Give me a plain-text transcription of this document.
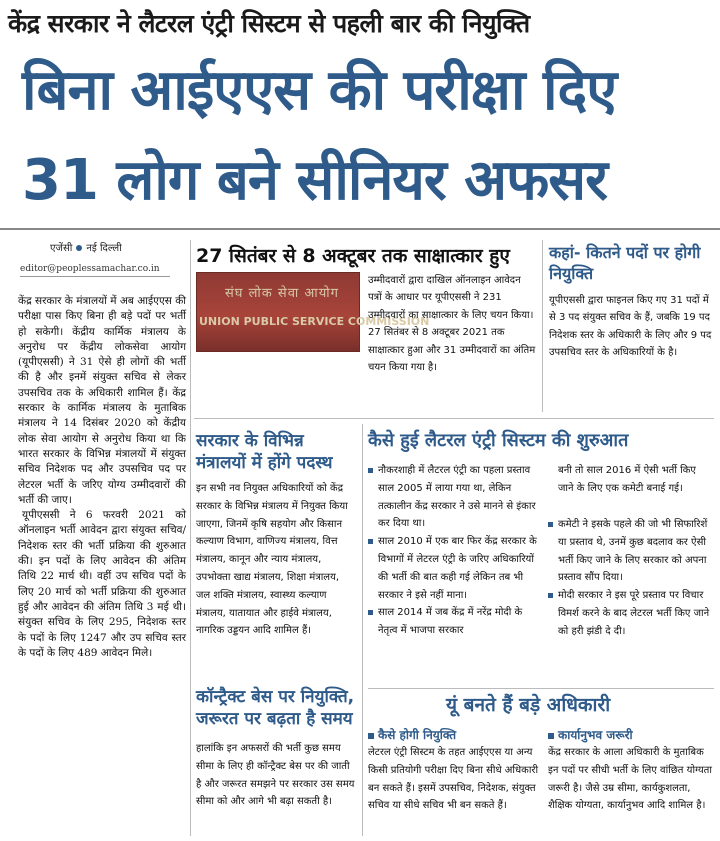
केंद्र सरकार ने लैटरल एंट्री सिस्टम से पहली बार की नियुक्ति
बिना आईएएस की परीक्षा दिए
31 लोग बने सीनियर अफसर
एजेंसी नई दिल्ली
editor@peoplessamachar.co.in

केंद्र सरकार के मंत्रालयों में अब आईएएस की परीक्षा पास किए बिना ही बड़े पदों पर भर्ती हो सकेगी। केंद्रीय कार्मिक मंत्रालय के अनुरोध पर केंद्रीय लोकसेवा आयोग (यूपीएससी) ने 31 ऐसे ही लोगों की भर्ती की है और इनमें संयुक्त सचिव से लेकर उपसचिव तक के अधिकारी शामिल हैं। केंद्र सरकार के कार्मिक मंत्रालय के मुताबिक मंत्रालय ने 14 दिसंबर 2020 को केंद्रीय लोक सेवा आयोग से अनुरोध किया था कि भारत सरकार के विभिन्न मंत्रालयों में संयुक्त सचिव निदेशक पद और उपसचिव पद पर लेटरल भर्ती के जरिए योग्य उम्मीदवारों की भर्ती की जाए।

यूपीएससी ने 6 फरवरी 2021 को ऑनलाइन भर्ती आवेदन द्वारा संयुक्त सचिव/निदेशक स्तर की भर्ती प्रक्रिया की शुरुआत की। इन पदों के लिए आवेदन की अंतिम तिथि 22 मार्च थी। वहीं उप सचिव पदों के लिए 20 मार्च को भर्ती प्रक्रिया की शुरुआत हुई और आवेदन की अंतिम तिथि 3 मई थी। संयुक्त सचिव के लिए 295, निदेशक स्तर के पदों के लिए 1247 और उप सचिव स्तर के पदों के लिए 489 आवेदन मिले।

27 सितंबर से 8 अक्टूबर तक साक्षात्कार हुए
संघ लोक सेवा आयोग
UNION PUBLIC SERVICE COMMISSION
उम्मीदवारों द्वारा दाखिल ऑनलाइन आवेदन पत्रों के आधार पर यूपीएससी ने 231 उम्मीदवारों का साक्षात्कार के लिए चयन किया। 27 सितंबर से 8 अक्टूबर 2021 तक साक्षात्कार हुआ और 31 उम्मीदवारों का अंतिम चयन किया गया है।
कहां- कितने पदों पर होगी नियुक्ति
यूपीएससी द्वारा फाइनल किए गए 31 पदों में से 3 पद संयुक्त सचिव के हैं, जबकि 19 पद निदेशक स्तर के अधिकारी के लिए और 9 पद उपसचिव स्तर के अधिकारियों के है।
सरकार के विभिन्न मंत्रालयों में होंगे पदस्थ
इन सभी नव नियुक्त अधिकारियों को केंद्र सरकार के विभिन्न मंत्रालय में नियुक्त किया जाएगा, जिनमें कृषि सहयोग और किसान कल्याण विभाग, वाणिज्य मंत्रालय, वित्त मंत्रालय, कानून और न्याय मंत्रालय, उपभोक्ता खाद्य मंत्रालय, शिक्षा मंत्रालय, जल शक्ति मंत्रालय, स्वास्थ्य कल्याण मंत्रालय, यातायात और हाईवे मंत्रालय, नागरिक उड्डयन आदि शामिल हैं।
कॉन्ट्रैक्ट बेस पर नियुक्ति, जरूरत पर बढ़ता है समय
हालांकि इन अफसरों की भर्ती कुछ समय सीमा के लिए ही कॉन्ट्रैक्ट बेस पर की जाती है और जरूरत समझने पर सरकार उस समय सीमा को और आगे भी बढ़ा सकती है।
कैसे हुई लैटरल एंट्री सिस्टम की शुरुआत
नौकरशाही में लैटरल एंट्री का पहला प्रस्ताव साल 2005 में लाया गया था, लेकिन तत्कालीन केंद्र सरकार ने उसे मानने से इंकार कर दिया था।
साल 2010 में एक बार फिर केंद्र सरकार के विभागों में लेटरल एंट्री के जरिए अधिकारियों की भर्ती की बात कही गई लेकिन तब भी सरकार ने इसे नहीं माना।
साल 2014 में जब केंद्र में नरेंद्र मोदी के नेतृत्व में भाजपा सरकार
बनी तो साल 2016 में ऐसी भर्ती किए जाने के लिए एक कमेटी बनाई गई।
कमेटी ने इसके पहले की जो भी सिफारिशें या प्रस्ताव थे, उनमें कुछ बदलाव कर ऐसी भर्ती किए जाने के लिए सरकार को अपना प्रस्ताव सौंप दिया।
मोदी सरकार ने इस पूरे प्रस्ताव पर विचार विमर्श करने के बाद लेटरल भर्ती किए जाने को हरी झंडी दे दी।
यूं बनते हैं बड़े अधिकारी
कैसे होगी नियुक्ति
लेटरल एंट्री सिस्टम के तहत आईएएस या अन्य किसी प्रतियोगी परीक्षा दिए बिना सीधे अधिकारी बन सकते हैं। इसमें उपसचिव, निदेशक, संयुक्त सचिव या सीधे सचिव भी बन सकते हैं।
कार्यानुभव जरूरी
केंद्र सरकार के आला अधिकारी के मुताबिक इन पदों पर सीधी भर्ती के लिए वांछित योग्यता जरूरी है। जैसे उम्र सीमा, कार्यकुशलता, शैक्षिक योग्यता, कार्यानुभव आदि शामिल है।
